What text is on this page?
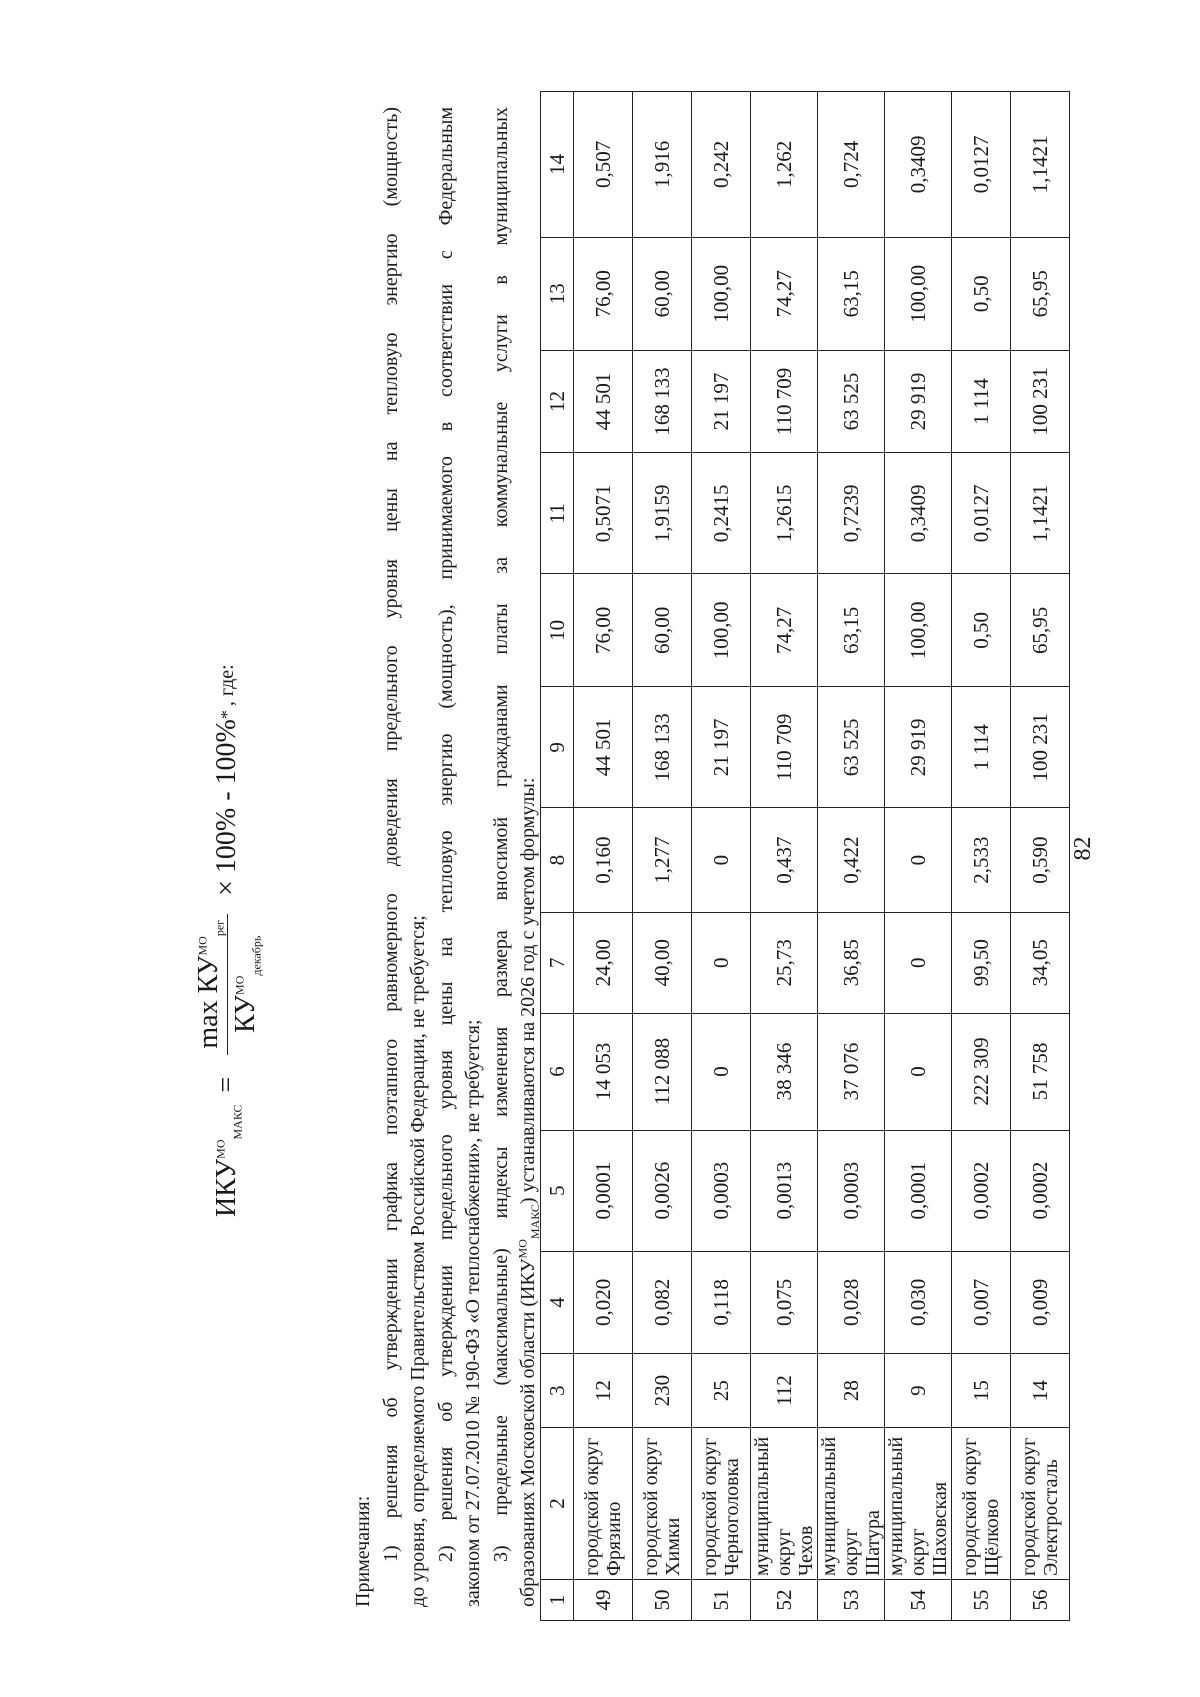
82
1	2	3	4	5	6	7	8	9	10	11	12	13	14
49	городской округ Фрязино	12	0,020	0,0001	14 053	24,00	0,160	44 501	76,00	0,5071	44 501	76,00	0,507
50	городской округ Химки	230	0,082	0,0026	112 088	40,00	1,277	168 133	60,00	1,9159	168 133	60,00	1,916
51	городской округ Черноголовка	25	0,118	0,0003	0	0	0	21 197	100,00	0,2415	21 197	100,00	0,242
52	муниципальный округ Чехов	112	0,075	0,0013	38 346	25,73	0,437	110 709	74,27	1,2615	110 709	74,27	1,262
53	муниципальный округ Шатура	28	0,028	0,0003	37 076	36,85	0,422	63 525	63,15	0,7239	63 525	63,15	0,724
54	муниципальный округ Шаховская	9	0,030	0,0001	0	0	0	29 919	100,00	0,3409	29 919	100,00	0,3409
55	городской округ Щёлково	15	0,007	0,0002	222 309	99,50	2,533	1 114	0,50	0,0127	1 114	0,50	0,0127
56	городской округ Электросталь	14	0,009	0,0002	51 758	34,05	0,590	100 231	65,95	1,1421	100 231	65,95	1,1421
Примечания: 1) решения об утверждении графика поэтапного равномерного доведения предельного уровня цены на тепловую энергию (мощность) до уровня, определяемого Правительством Российской Федерации, не требуется; 2) решения об утверждении предельного уровня цены на тепловую энергию (мощность), принимаемого в соответствии с Федеральным законом от 27.07.2010 № 190-ФЗ «О теплоснабжении», не требуется; 3) предельные (максимальные) индексы изменения размера вносимой гражданами платы за коммунальные услуги в муниципальных образованиях Московской области $(ИКУ^{МО}_{МАКС})$ устанавливаются на 2026 год с учетом формулы:
$ИКУ^{МО}_{МАКС}$
=
$\max КУ^{МО}_{рег}$
$КУ^{МО}_{декабрь}$
× 100% - 100%
*
, где:
